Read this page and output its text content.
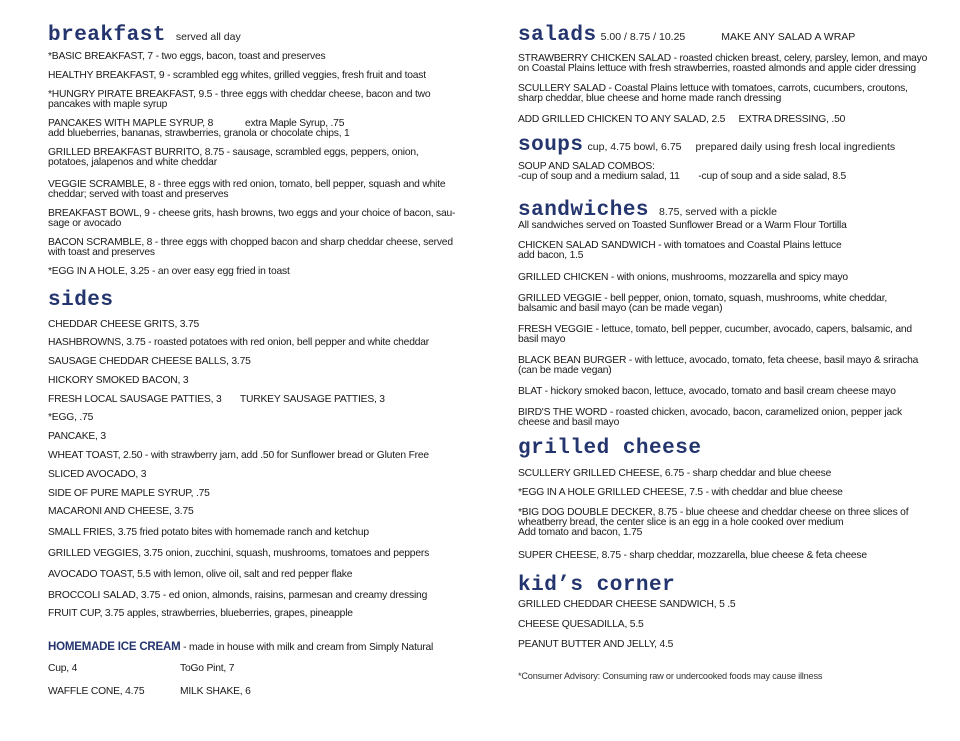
breakfast served all day
*BASIC BREAKFAST, 7 - two eggs, bacon, toast and preserves
HEALTHY BREAKFAST, 9 - scrambled egg whites, grilled veggies, fresh fruit and toast
*HUNGRY PIRATE BREAKFAST, 9.5 - three eggs with cheddar cheese, bacon and two
pancakes with maple syrup
PANCAKES WITH MAPLE SYRUP, 8            extra Maple Syrup, .75
add blueberries, bananas, strawberries, granola or chocolate chips, 1
GRILLED BREAKFAST BURRITO, 8.75 - sausage, scrambled eggs, peppers, onion,
potatoes, jalapenos and white cheddar
VEGGIE SCRAMBLE, 8 - three eggs with red onion, tomato, bell pepper, squash and white
cheddar; served with toast and preserves
BREAKFAST BOWL, 9 - cheese grits, hash browns, two eggs and your choice of bacon, sau-
sage or avocado
BACON SCRAMBLE, 8 - three eggs with chopped bacon and sharp cheddar cheese, served
with toast and preserves
*EGG IN A HOLE, 3.25 - an over easy egg fried in toast
sides
CHEDDAR CHEESE GRITS, 3.75
HASHBROWNS, 3.75 - roasted potatoes with red onion, bell pepper and white cheddar
SAUSAGE CHEDDAR CHEESE BALLS, 3.75
HICKORY SMOKED BACON, 3
FRESH LOCAL SAUSAGE PATTIES, 3       TURKEY SAUSAGE PATTIES, 3
*EGG, .75
PANCAKE, 3
WHEAT TOAST, 2.50 - with strawberry jam, add .50 for Sunflower bread or Gluten Free
SLICED AVOCADO, 3
SIDE OF PURE MAPLE SYRUP, .75
MACARONI AND CHEESE, 3.75
SMALL FRIES, 3.75 fried potato bites with homemade ranch and ketchup
GRILLED VEGGIES, 3.75 onion, zucchini, squash, mushrooms, tomatoes and peppers
AVOCADO TOAST, 5.5 with lemon, olive oil, salt and red pepper flake
BROCCOLI SALAD, 3.75 - ed onion, almonds, raisins, parmesan and creamy dressing
FRUIT CUP, 3.75 apples, strawberries, blueberries, grapes, pineapple
HOMEMADE ICE CREAM - made in house with milk and cream from Simply Natural
Cup, 4	ToGo Pint, 7
WAFFLE CONE, 4.75	MILK SHAKE, 6
salads 5.00 / 8.75 / 10.25	MAKE ANY SALAD A WRAP
STRAWBERRY CHICKEN SALAD - roasted chicken breast, celery, parsley, lemon, and mayo
on Coastal Plains lettuce with fresh strawberries, roasted almonds and apple cider dressing
SCULLERY SALAD - Coastal Plains lettuce with tomatoes, carrots, cucumbers, croutons,
sharp cheddar, blue cheese and home made ranch dressing
ADD GRILLED CHICKEN TO ANY SALAD, 2.5     EXTRA DRESSING, .50
soups cup, 4.75 bowl, 6.75 prepared daily using fresh local ingredients
SOUP AND SALAD COMBOS:
-cup of soup and a medium salad, 11       -cup of soup and a side salad, 8.5
sandwiches 8.75, served with a pickle
All sandwiches served on Toasted Sunflower Bread or a Warm Flour Tortilla
CHICKEN SALAD SANDWICH - with tomatoes and Coastal Plains lettuce
add bacon, 1.5
GRILLED CHICKEN - with onions, mushrooms, mozzarella and spicy mayo
GRILLED VEGGIE - bell pepper, onion, tomato, squash, mushrooms, white cheddar,
balsamic and basil mayo (can be made vegan)
FRESH VEGGIE - lettuce, tomato, bell pepper, cucumber, avocado, capers, balsamic, and
basil mayo
BLACK BEAN BURGER - with lettuce, avocado, tomato, feta cheese, basil mayo & sriracha
(can be made vegan)
BLAT - hickory smoked bacon, lettuce, avocado, tomato and basil cream cheese mayo
BIRD'S THE WORD - roasted chicken, avocado, bacon, caramelized onion, pepper jack
cheese and basil mayo
grilled cheese
SCULLERY GRILLED CHEESE, 6.75 - sharp cheddar and blue cheese
*EGG IN A HOLE GRILLED CHEESE, 7.5 - with cheddar and blue cheese
*BIG DOG DOUBLE DECKER, 8.75 - blue cheese and cheddar cheese on three slices of
wheatberry bread, the center slice is an egg in a hole cooked over medium
Add tomato and bacon, 1.75
SUPER CHEESE, 8.75 - sharp cheddar, mozzarella, blue cheese & feta cheese
kid’s corner
GRILLED CHEDDAR CHEESE SANDWICH, 5 .5
CHEESE QUESADILLA, 5.5
PEANUT BUTTER AND JELLY, 4.5
*Consumer Advisory: Consuming raw or undercooked foods may cause illness
